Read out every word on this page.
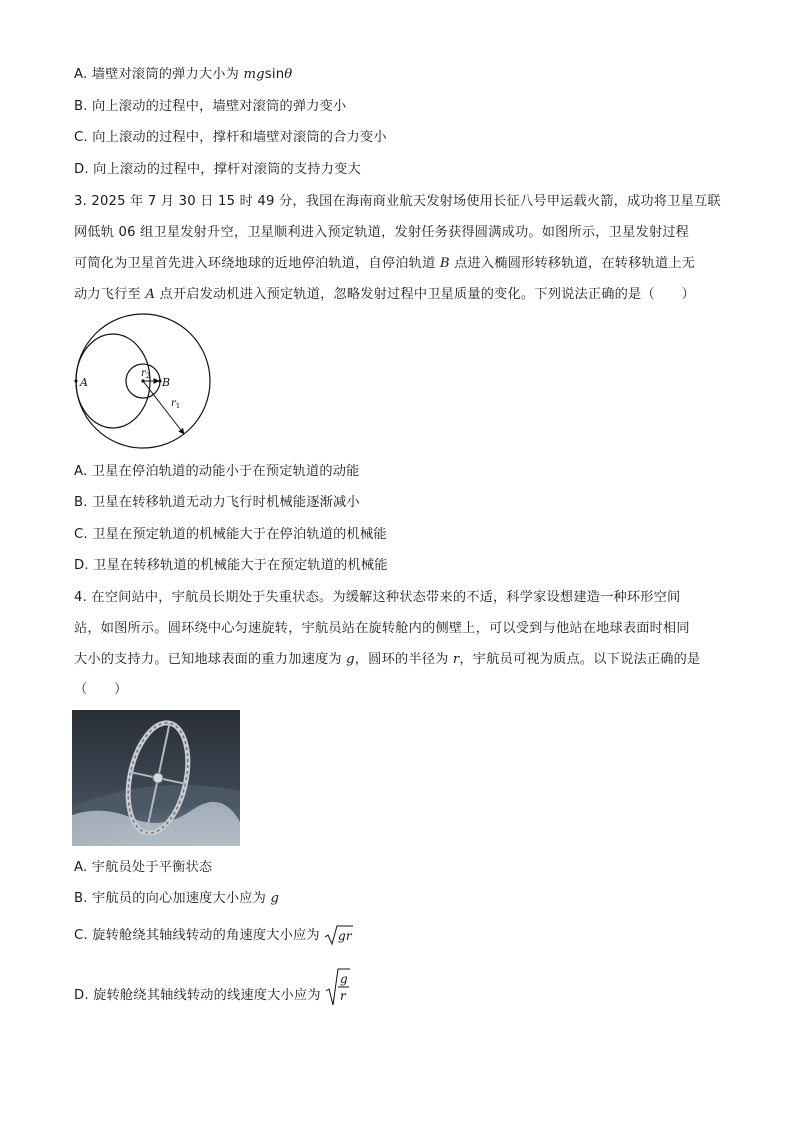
A. 墙壁对滚筒的弹力大小为 mgsinθ
B. 向上滚动的过程中，墙壁对滚筒的弹力变小
C. 向上滚动的过程中，撑杆和墙壁对滚筒的合力变小
D. 向上滚动的过程中，撑杆对滚筒的支持力变大
3. 2025 年 7 月 30 日 15 时 49 分，我国在海南商业航天发射场使用长征八号甲运载火箭，成功将卫星互联
网低轨 06 组卫星发射升空，卫星顺利进入预定轨道，发射任务获得圆满成功。如图所示，卫星发射过程
可简化为卫星首先进入环绕地球的近地停泊轨道，自停泊轨道 B 点进入椭圆形转移轨道，在转移轨道上无
动力飞行至 A 点开启发动机进入预定轨道，忽略发射过程中卫星质量的变化。下列说法正确的是（　　）
A	B
$r_2$
$r_1$
A. 卫星在停泊轨道的动能小于在预定轨道的动能
B. 卫星在转移轨道无动力飞行时机械能逐渐减小
C. 卫星在预定轨道的机械能大于在停泊轨道的机械能
D. 卫星在转移轨道的机械能大于在预定轨道的机械能
4. 在空间站中，宇航员长期处于失重状态。为缓解这种状态带来的不适，科学家设想建造一种环形空间
站，如图所示。圆环绕中心匀速旋转，宇航员站在旋转舱内的侧壁上，可以受到与他站在地球表面时相同
大小的支持力。已知地球表面的重力加速度为 g，圆环的半径为 r，宇航员可视为质点。以下说法正确的是
（　　）
A. 宇航员处于平衡状态
B. 宇航员的向心加速度大小应为 g
C. 旋转舱绕其轴线转动的角速度大小应为 gr
D. 旋转舱绕其轴线转动的线速度大小应为
g
r
